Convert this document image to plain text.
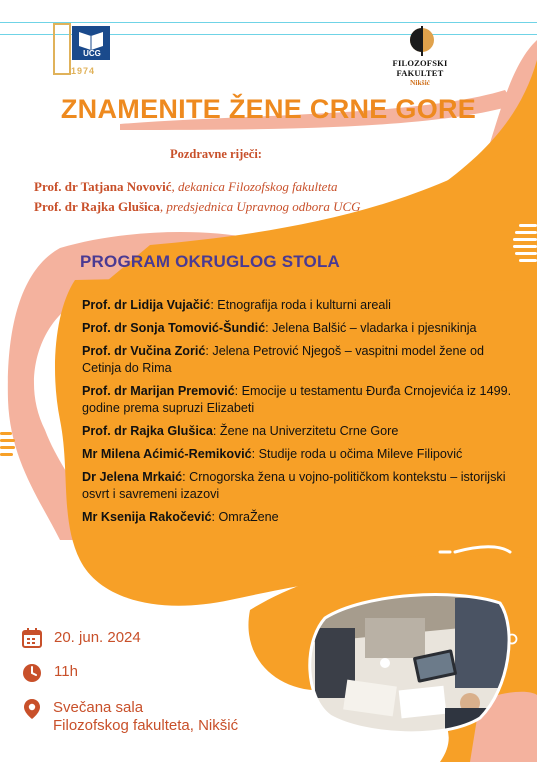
UCG
1974
FILOZOFSKI FAKULTET
Nikšić
ZNAMENITE ŽENE CRNE GORE
Pozdravne riječi:
Prof. dr Tatjana Novović, dekanica Filozofskog fakulteta
Prof. dr Rajka Glušica, predsjednica Upravnog odbora UCG
PROGRAM OKRUGLOG STOLA
Prof. dr Lidija Vujačić: Etnografija roda i kulturni areali
Prof. dr Sonja Tomović-Šundić: Jelena Balšić – vladarka i pjesnikinja
Prof. dr Vučina Zorić: Jelena Petrović Njegoš – vaspitni model žene od Cetinja do Rima
Prof. dr Marijan Premović: Emocije u testamentu Đurđa Crnojevića iz 1499. godine prema supruzi Elizabeti
Prof. dr Rajka Glušica: Žene na Univerzitetu Crne Gore
Mr Milena Aćimić-Remiković: Studije roda u očima Mileve Filipović
Dr Jelena Mrkaić: Crnogorska žena u vojno-političkom kontekstu – istorijski osvrt i savremeni izazovi
Mr Ksenija Rakočević: OmraŽene
20. jun. 2024
11h
Svečana sala
Filozofskog fakulteta, Nikšić
